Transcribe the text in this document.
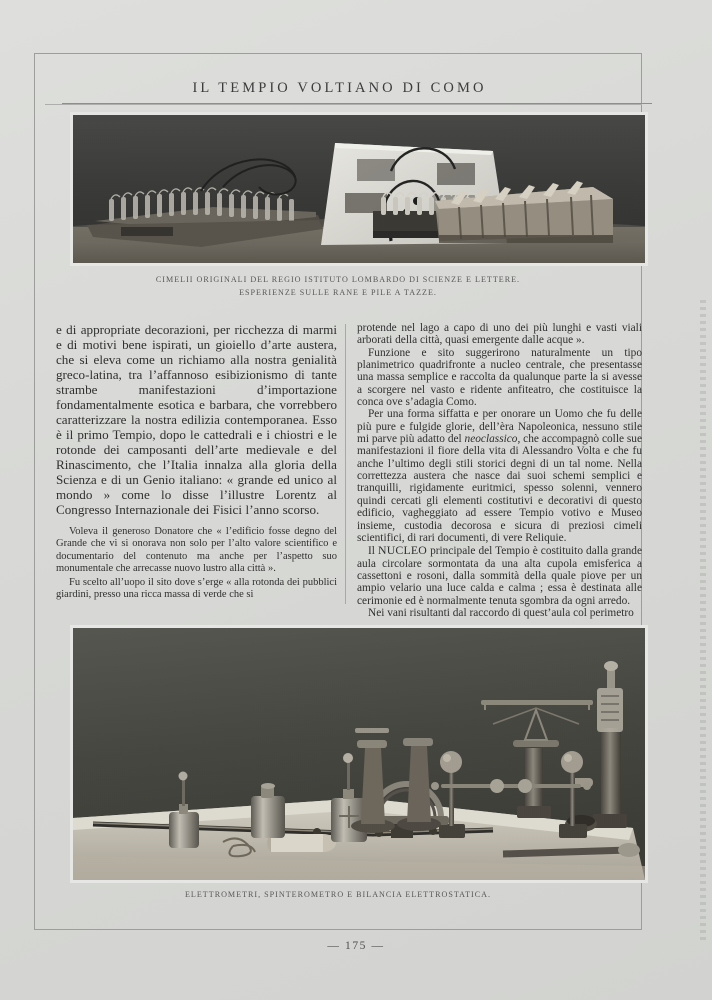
IL TEMPIO VOLTIANO DI COMO
CIMELII ORIGINALI DEL REGIO ISTITUTO LOMBARDO DI SCIENZE E LETTERE.
ESPERIENZE SULLE RANE E PILE A TAZZE.

e di appropriate decorazioni, per ricchezza di marmi e di motivi bene ispirati, un gioiello d’arte austera, che si eleva come un richiamo alla nostra genialità greco-latina, tra l’affannoso esibizionismo di tante strambe manifestazioni d’importazione fondamentalmente esotica e barbara, che vorrebbero caratterizzare la nostra edilizia contemporanea. Esso è il primo Tempio, dopo le cattedrali e i chiostri e le rotonde dei camposanti dell’arte medievale e del Rinascimento, che l’Italia innalza alla gloria della Scienza e di un Genio italiano: « grande ed unico al mondo » come lo disse l’illustre Lorentz al Congresso Internazionale dei Fisici l’anno scorso.

Voleva il generoso Donatore che « l’edificio fosse degno del Grande che vi si onorava non solo per l’alto valore scientifico e documentario del contenuto ma anche per l’aspetto suo monumentale che arrecasse nuovo lustro alla città ».

Fu scelto all’uopo il sito dove s’erge « alla rotonda dei pubblici giardini, presso una ricca massa di verde che si

protende nel lago a capo di uno dei più lunghi e vasti viali arborati della città, quasi emergente dalle acque ».

Funzione e sito suggerirono naturalmente un tipo planimetrico quadrifronte a nucleo centrale, che presentasse una massa semplice e raccolta da qualunque parte la si avesse a scorgere nel vasto e ridente anfiteatro, che costituisce la conca ove s’adagia Como.

Per una forma siffatta e per onorare un Uomo che fu delle più pure e fulgide glorie, dell’èra Napoleonica, nessuno stile mi parve più adatto del neoclassico, che accompagnò colle sue manifestazioni il fiore della vita di Alessandro Volta e che fu anche l’ultimo degli stili storici degni di un tal nome. Nella correttezza austera che nasce dai suoi schemi semplici e tranquilli, rigidamente euritmici, spesso solenni, vennero quindi cercati gli elementi costitutivi e decorativi di questo edificio, vagheggiato ad essere Tempio votivo e Museo insieme, custodia decorosa e sicura di preziosi cimeli scientifici, di rari documenti, di vere Reliquie.

Il NUCLEO principale del Tempio è costituito dalla grande aula circolare sormontata da una alta cupola emisferica a cassettoni e rosoni, dalla sommità della quale piove per un ampio velario una luce calda e calma ; essa è destinata alle cerimonie ed è normalmente tenuta sgombra da ogni arredo.

Nei vani risultanti dal raccordo di quest’aula col perimetro

ELETTROMETRI, SPINTEROMETRO E BILANCIA ELETTROSTATICA.
— 175 —
